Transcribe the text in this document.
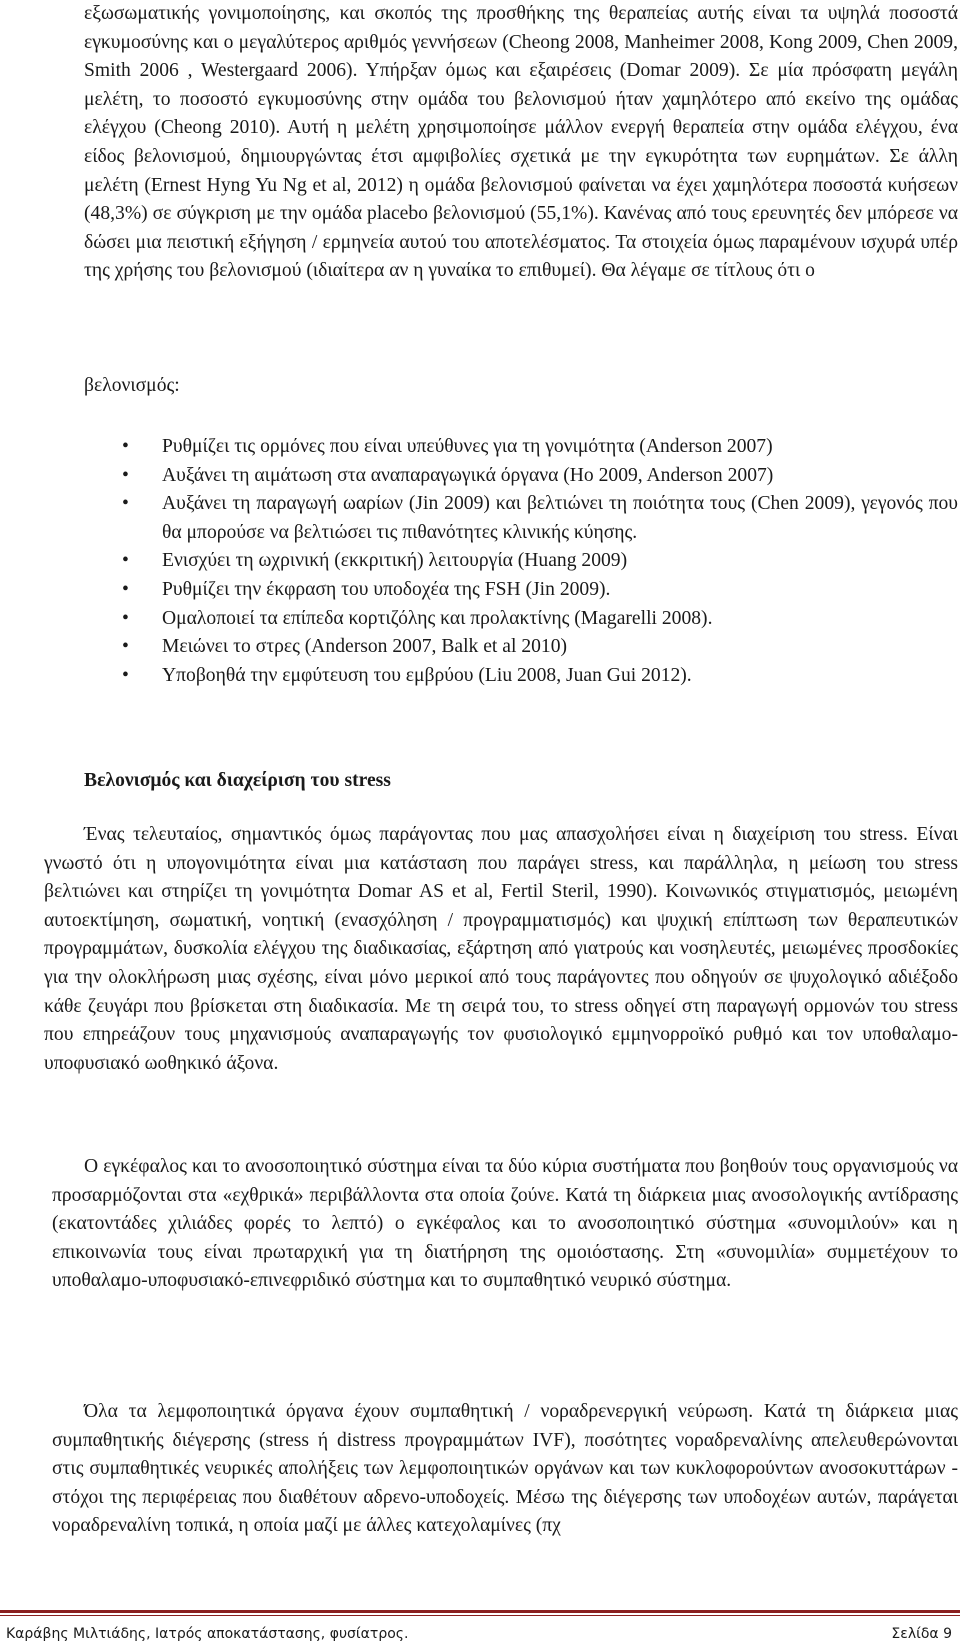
εξωσωματικής γονιμοποίησης, και σκοπός της προσθήκης της θεραπείας αυτής είναι τα υψηλά ποσοστά εγκυμοσύνης και ο μεγαλύτερος αριθμός γεννήσεων (Cheong 2008, Manheimer 2008, Kong 2009, Chen 2009, Smith 2006 , Westergaard 2006). Υπήρξαν όμως και εξαιρέσεις (Domar 2009). Σε μία πρόσφατη μεγάλη μελέτη, το ποσοστό εγκυμοσύνης στην ομάδα του βελονισμού ήταν χαμηλότερο από εκείνο της ομάδας ελέγχου (Cheong 2010). Αυτή η μελέτη χρησιμοποίησε μάλλον ενεργή θεραπεία στην ομάδα ελέγχου, ένα είδος βελονισμού, δημιουργώντας έτσι αμφιβολίες σχετικά με την εγκυρότητα των ευρημάτων. Σε άλλη μελέτη (Ernest Hyng Yu Ng et al, 2012) η ομάδα βελονισμού φαίνεται να έχει χαμηλότερα ποσοστά κυήσεων (48,3%) σε σύγκριση με την ομάδα placebo βελονισμού (55,1%). Κανένας από τους ερευνητές δεν μπόρεσε να δώσει μια πειστική εξήγηση / ερμηνεία αυτού του αποτελέσματος. Τα στοιχεία όμως παραμένουν ισχυρά υπέρ της χρήσης του βελονισμού (ιδιαίτερα αν η γυναίκα το επιθυμεί). Θα λέγαμε σε τίτλους ότι ο

βελονισμός:

• Ρυθμίζει τις ορμόνες που είναι υπεύθυνες για τη γονιμότητα (Anderson 2007)
• Αυξάνει τη αιμάτωση στα αναπαραγωγικά όργανα (Ho 2009, Anderson 2007)
• Αυξάνει τη παραγωγή ωαρίων (Jin 2009) και βελτιώνει τη ποιότητα τους (Chen 2009), γεγονός που θα μπορούσε να βελτιώσει τις πιθανότητες κλινικής κύησης.
• Ενισχύει τη ωχρινική (εκκριτική) λειτουργία (Huang 2009)
• Ρυθμίζει την έκφραση του υποδοχέα της FSH (Jin 2009).
• Ομαλοποιεί τα επίπεδα κορτιζόλης και προλακτίνης (Magarelli 2008).
• Μειώνει το στρες (Anderson 2007, Balk et al 2010)
• Υποβοηθά την εμφύτευση του εμβρύου (Liu 2008, Juan Gui 2012).
Βελονισμός και διαχείριση του stress

Ένας τελευταίος, σημαντικός όμως παράγοντας που μας απασχολήσει είναι η διαχείριση του stress. Είναι γνωστό ότι η υπογονιμότητα είναι μια κατάσταση που παράγει stress, και παράλληλα, η μείωση του stress βελτιώνει και στηρίζει τη γονιμότητα Domar AS et al, Fertil Steril, 1990). Κοινωνικός στιγματισμός, μειωμένη αυτοεκτίμηση, σωματική, νοητική (ενασχόληση / προγραμματισμός) και ψυχική επίπτωση των θεραπευτικών προγραμμάτων, δυσκολία ελέγχου της διαδικασίας, εξάρτηση από γιατρούς και νοσηλευτές, μειωμένες προσδοκίες για την ολοκλήρωση μιας σχέσης, είναι μόνο μερικοί από τους παράγοντες που οδηγούν σε ψυχολογικό αδιέξοδο κάθε ζευγάρι που βρίσκεται στη διαδικασία. Με τη σειρά του, το stress οδηγεί στη παραγωγή ορμονών του stress που επηρεάζουν τους μηχανισμούς αναπαραγωγής τον φυσιολογικό εμμηνορροϊκό ρυθμό και τον υποθαλαμο-υποφυσιακό ωοθηκικό άξονα.

Ο εγκέφαλος και το ανοσοποιητικό σύστημα είναι τα δύο κύρια συστήματα που βοηθούν τους οργανισμούς να προσαρμόζονται στα «εχθρικά» περιβάλλοντα στα οποία ζούνε. Κατά τη διάρκεια μιας ανοσολογικής αντίδρασης (εκατοντάδες χιλιάδες φορές το λεπτό) ο εγκέφαλος και το ανοσοποιητικό σύστημα «συνομιλούν» και η επικοινωνία τους είναι πρωταρχική για τη διατήρηση της ομοιόστασης. Στη «συνομιλία» συμμετέχουν το υποθαλαμο-υποφυσιακό-επινεφριδικό σύστημα και το συμπαθητικό νευρικό σύστημα.

Όλα τα λεμφοποιητικά όργανα έχουν συμπαθητική / νοραδρενεργική νεύρωση. Κατά τη διάρκεια μιας συμπαθητικής διέγερσης (stress ή distress προγραμμάτων IVF), ποσότητες νοραδρεναλίνης απελευθερώνονται στις συμπαθητικές νευρικές απολήξεις των λεμφοποιητικών οργάνων και των κυκλοφορούντων ανοσοκυττάρων - στόχοι της περιφέρειας που διαθέτουν αδρενο-υποδοχείς. Μέσω της διέγερσης των υποδοχέων αυτών, παράγεται νοραδρεναλίνη τοπικά, η οποία μαζί με άλλες κατεχολαμίνες (πχ

Καράβης Μιλτιάδης, Ιατρός αποκατάστασης, φυσίατρος.	Σελίδα 9
